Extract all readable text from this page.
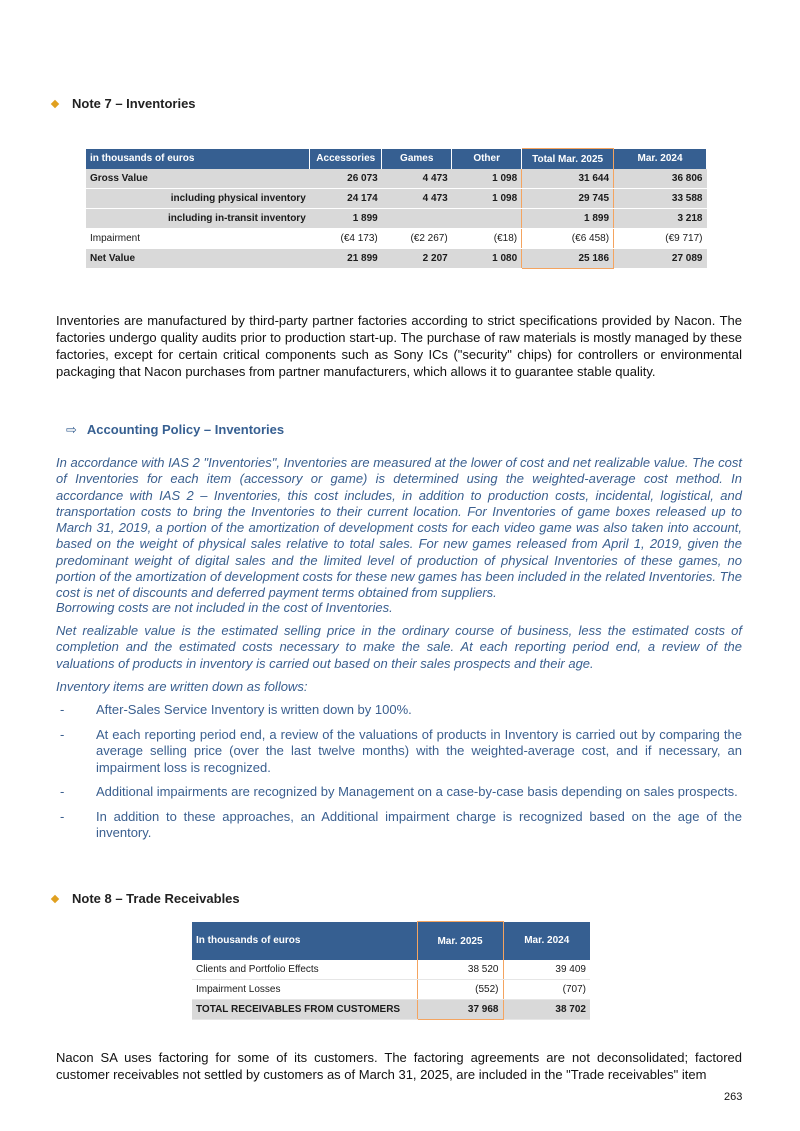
Note 7 – Inventories
in thousands of euros	Accessories	Games	Other	Total Mar. 2025	Mar. 2024
Gross Value	26 073	4 473	1 098	31 644	36 806
including physical inventory	24 174	4 473	1 098	29 745	33 588
including in-transit inventory	1 899			1 899	3 218
Impairment	(€4 173)	(€2 267)	(€18)	(€6 458)	(€9 717)
Net Value	21 899	2 207	1 080	25 186	27 089
Inventories are manufactured by third-party partner factories according to strict specifications provided by Nacon. The factories undergo quality audits prior to production start-up. The purchase of raw materials is mostly managed by these factories, except for certain critical components such as Sony ICs ("security" chips) for controllers or environmental packaging that Nacon purchases from partner manufacturers, which allows it to guarantee stable quality.
⇨ Accounting Policy – Inventories
In accordance with IAS 2 "Inventories", Inventories are measured at the lower of cost and net realizable value. The cost of Inventories for each item (accessory or game) is determined using the weighted-average cost method. In accordance with IAS 2 – Inventories, this cost includes, in addition to production costs, incidental, logistical, and transportation costs to bring the Inventories to their current location. For Inventories of game boxes released up to March 31, 2019, a portion of the amortization of development costs for each video game was also taken into account, based on the weight of physical sales relative to total sales. For new games released from April 1, 2019, given the predominant weight of digital sales and the limited level of production of physical Inventories of these games, no portion of the amortization of development costs for these new games has been included in the related Inventories. The cost is net of discounts and deferred payment terms obtained from suppliers.
Borrowing costs are not included in the cost of Inventories.
Net realizable value is the estimated selling price in the ordinary course of business, less the estimated costs of completion and the estimated costs necessary to make the sale. At each reporting period end, a review of the valuations of products in inventory is carried out based on their sales prospects and their age.
Inventory items are written down as follows:
- After-Sales Service Inventory is written down by 100%.
- At each reporting period end, a review of the valuations of products in Inventory is carried out by comparing the average selling price (over the last twelve months) with the weighted-average cost, and if necessary, an impairment loss is recognized.
- Additional impairments are recognized by Management on a case-by-case basis depending on sales prospects.
- In addition to these approaches, an Additional impairment charge is recognized based on the age of the inventory.
Note 8 – Trade Receivables
In thousands of euros	Mar. 2025	Mar. 2024
Clients and Portfolio Effects	38 520	39 409
Impairment Losses	(552)	(707)
TOTAL RECEIVABLES FROM CUSTOMERS	37 968	38 702
Nacon SA uses factoring for some of its customers. The factoring agreements are not deconsolidated; factored customer receivables not settled by customers as of March 31, 2025, are included in the "Trade receivables" item
263
